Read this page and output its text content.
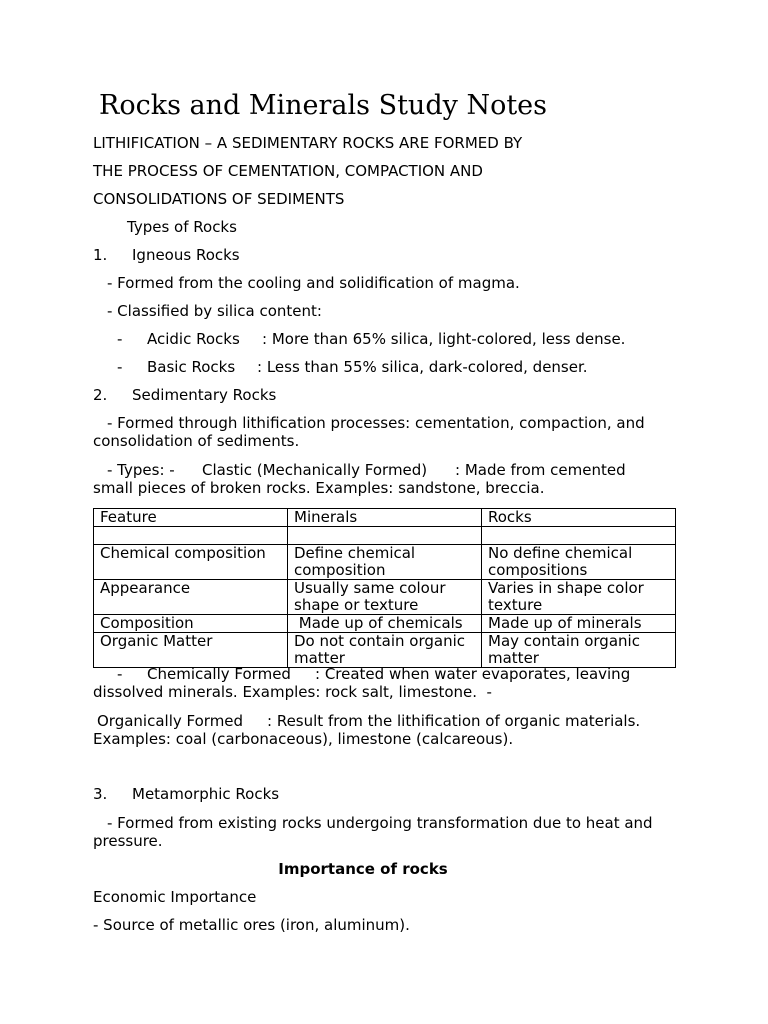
Rocks and Minerals Study Notes
LITHIFICATION – A SEDIMENTARY ROCKS ARE FORMED BY
THE PROCESS OF CEMENTATION, COMPACTION AND
CONSOLIDATIONS OF SEDIMENTS
Types of Rocks
1. Igneous Rocks
- Formed from the cooling and solidification of magma.
- Classified by silica content:
- Acidic Rocks : More than 65% silica, light-colored, less dense.
- Basic Rocks : Less than 55% silica, dark-colored, denser.
2. Sedimentary Rocks
- Formed through lithification processes: cementation, compaction, and
consolidation of sediments.
- Types: - Clastic (Mechanically Formed) : Made from cemented
small pieces of broken rocks. Examples: sandstone, breccia.
Feature	Minerals	Rocks

Chemical composition	Define chemical composition	No define chemical compositions
Appearance	Usually same colour shape or texture	Varies in shape color texture
Composition	Made up of chemicals	Made up of minerals
Organic Matter	Do not contain organic matter	May contain organic matter
- Chemically Formed : Created when water evaporates, leaving
dissolved minerals. Examples: rock salt, limestone.  -
Organically Formed : Result from the lithification of organic materials.
Examples: coal (carbonaceous), limestone (calcareous).
3. Metamorphic Rocks
- Formed from existing rocks undergoing transformation due to heat and
pressure.
Importance of rocks
Economic Importance
- Source of metallic ores (iron, aluminum).
